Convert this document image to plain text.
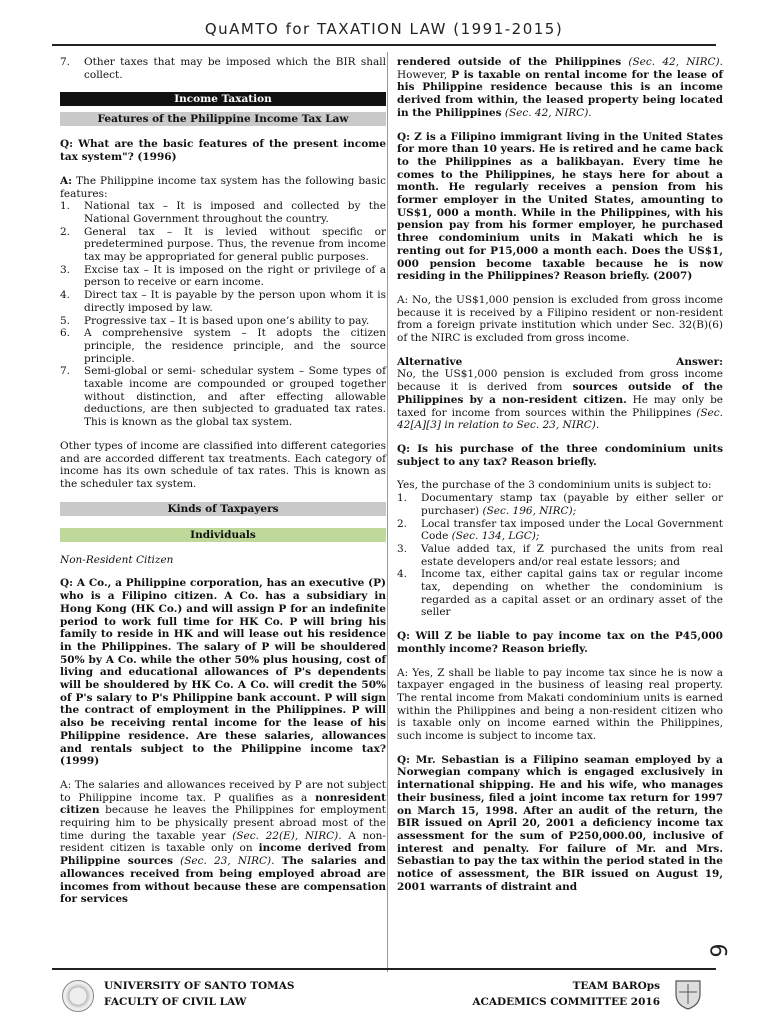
QuAMTO for TAXATION LAW (1991-2015)
7. Other taxes that may be imposed which the BIR shall collect.
Income Taxation
Features of the Philippine Income Tax Law

Q: What are the basic features of the present income tax system"? (1996)

A: The Philippine income tax system has the following basic features:

1. National tax – It is imposed and collected by the National Government throughout the country.
2. General tax – It is levied without specific or predetermined purpose. Thus, the revenue from income tax may be appropriated for general public purposes.
3. Excise tax – It is imposed on the right or privilege of a person to receive or earn income.
4. Direct tax – It is payable by the person upon whom it is directly imposed by law.
5. Progressive tax – It is based upon one’s ability to pay.
6. A comprehensive system – It adopts the citizen principle, the residence principle, and the source principle.
7. Semi-global or semi- schedular system – Some types of taxable income are compounded or grouped together without distinction, and after effecting allowable deductions, are then subjected to graduated tax rates. This is known as the global tax system.

Other types of income are classified into different categories and are accorded different tax treatments. Each category of income has its own schedule of tax rates. This is known as the scheduler tax system.

Kinds of Taxpayers
Individuals

Non-Resident Citizen

Q: A Co., a Philippine corporation, has an executive (P) who is a Filipino citizen. A Co. has a subsidiary in Hong Kong (HK Co.) and will assign P for an indefinite period to work full time for HK Co. P will bring his family to reside in HK and will lease out his residence in the Philippines. The salary of P will be shouldered 50% by A Co. while the other 50% plus housing, cost of living and educational allowances of P's dependents will be shouldered by HK Co. A Co. will credit the 50% of P's salary to P's Philippine bank account. P will sign the contract of employment in the Philippines. P will also be receiving rental income for the lease of his Philippine residence. Are these salaries, allowances and rentals subject to the Philippine income tax? (1999)

A: The salaries and allowances received by P are not subject to Philippine income tax. P qualifies as a nonresident citizen because he leaves the Philippines for employment requiring him to be physically present abroad most of the time during the taxable year (Sec. 22(E), NIRC). A non-resident citizen is taxable only on income derived from Philippine sources (Sec. 23, NIRC). The salaries and allowances received from being employed abroad are incomes from without because these are compensation for services

rendered outside of the Philippines (Sec. 42, NIRC). However, P is taxable on rental income for the lease of his Philippine residence because this is an income derived from within, the leased property being located in the Philippines (Sec. 42, NIRC).

Q: Z is a Filipino immigrant living in the United States for more than 10 years. He is retired and he came back to the Philippines as a balikbayan. Every time he comes to the Philippines, he stays here for about a month. He regularly receives a pension from his former employer in the United States, amounting to US$1, 000 a month. While in the Philippines, with his pension pay from his former employer, he purchased three condominium units in Makati which he is renting out for P15,000 a month each. Does the US$1, 000 pension become taxable because he is now residing in the Philippines? Reason briefly. (2007)

A: No, the US$1,000 pension is excluded from gross income because it is received by a Filipino resident or non-resident from a foreign private institution which under Sec. 32(B)(6) of the NIRC is excluded from gross income.

Alternative	Answer:

No, the US$1,000 pension is excluded from gross income because it is derived from sources outside of the Philippines by a non-resident citizen. He may only be taxed for income from sources within the Philippines (Sec. 42[A][3] in relation to Sec. 23, NIRC).

Q: Is his purchase of the three condominium units subject to any tax? Reason briefly.

Yes, the purchase of the 3 condominium units is subject to:

1. Documentary stamp tax (payable by either seller or purchaser) (Sec. 196, NIRC);
2. Local transfer tax imposed under the Local Government Code (Sec. 134, LGC);
3. Value added tax, if Z purchased the units from real estate developers and/or real estate lessors; and
4. Income tax, either capital gains tax or regular income tax, depending on whether the condominium is regarded as a capital asset or an ordinary asset of the seller

Q: Will Z be liable to pay income tax on the P45,000 monthly income? Reason briefly.

A: Yes, Z shall be liable to pay income tax since he is now a taxpayer engaged in the business of leasing real property. The rental income from Makati condominium units is earned within the Philippines and being a non-resident citizen who is taxable only on income earned within the Philippines, such income is subject to income tax.

Q: Mr. Sebastian is a Filipino seaman employed by a Norwegian company which is engaged exclusively in international shipping. He and his wife, who manages their business, filed a joint income tax return for 1997 on March 15, 1998. After an audit of the return, the BIR issued on April 20, 2001 a deficiency income tax assessment for the sum of P250,000.00, inclusive of interest and penalty. For failure of Mr. and Mrs. Sebastian to pay the tax within the period stated in the notice of assessment, the BIR issued on August 19, 2001 warrants of distraint and

6
UNIVERSITY OF SANTO TOMAS
FACULTY OF CIVIL LAW
TEAM BAROps
ACADEMICS COMMITTEE 2016
